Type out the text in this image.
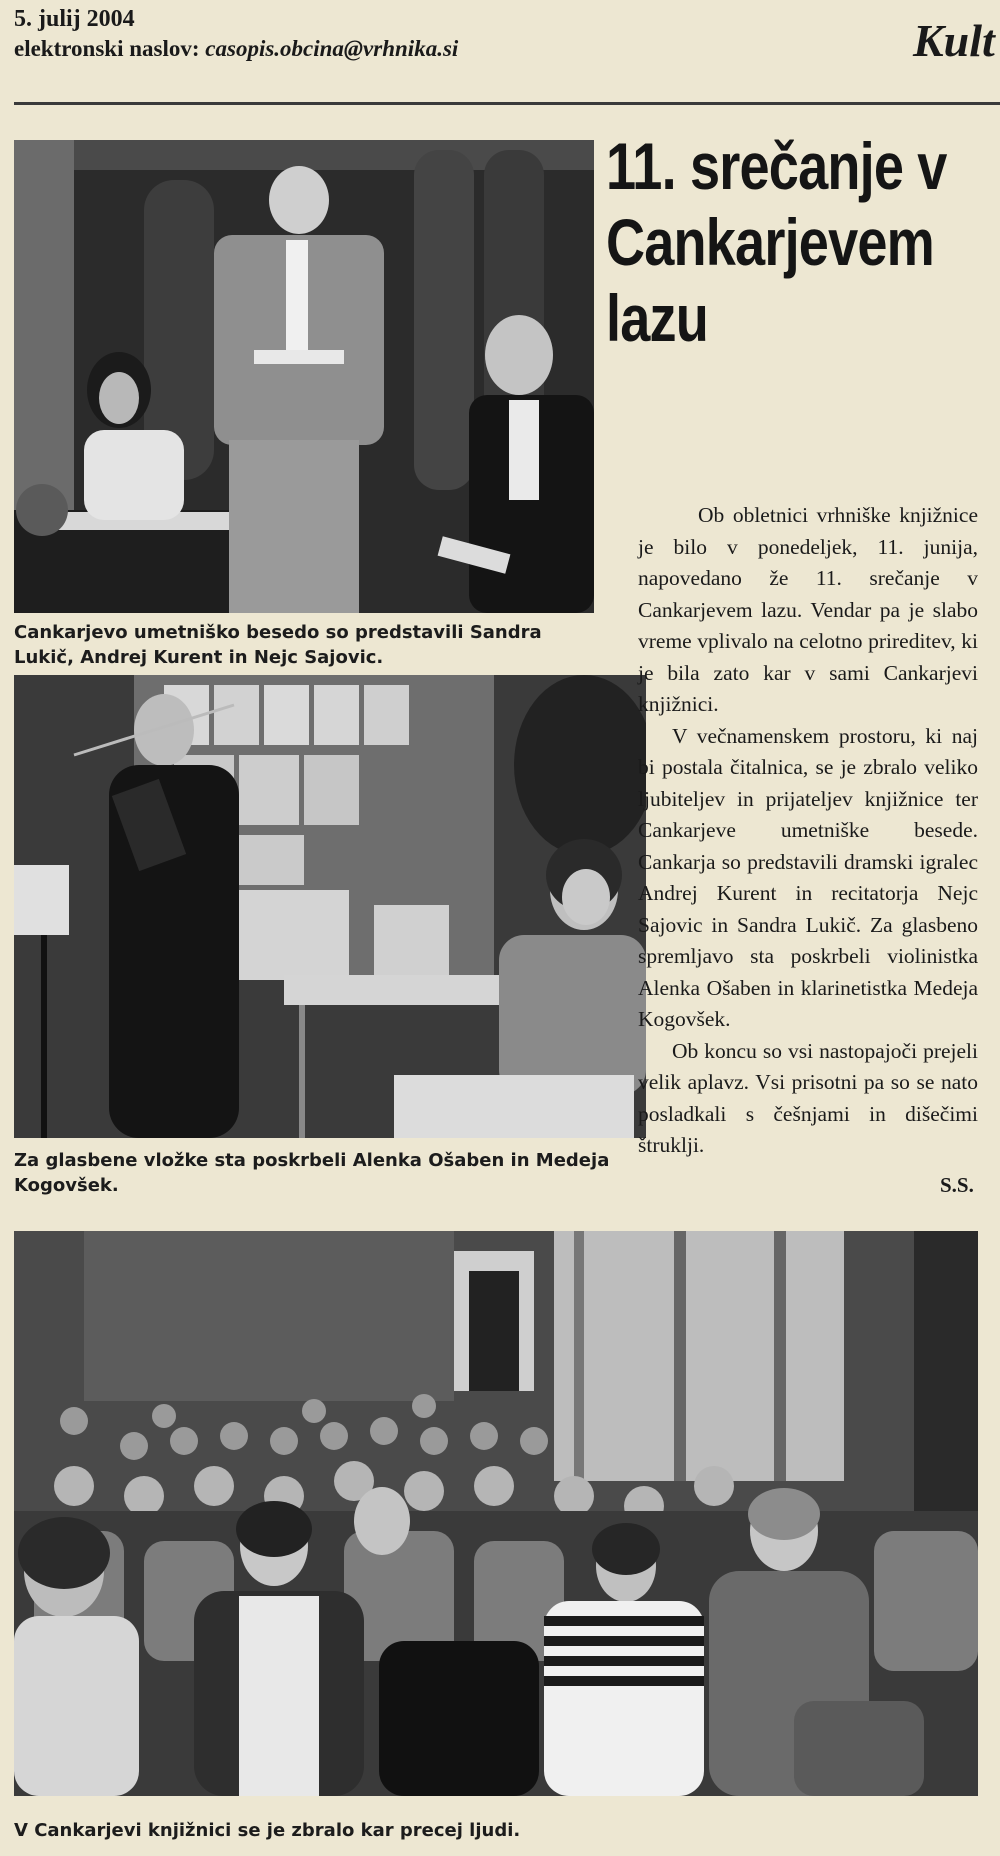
5. julij 2004
elektronski naslov: casopis.obcina@vrhnika.si	Kult
Cankarjevo umetniško besedo so predstavili Sandra Lukič, Andrej Kurent in Nejc Sajovic.
Za glasbene vložke sta poskrbeli Alenka Ošaben in Medeja Kogovšek.
11. srečanje v Cankarjevem lazu

Ob obletnici vrhniške knjižnice je bilo v ponedeljek, 11. junija, napovedano že 11. srečanje v Cankarjevem lazu. Vendar pa je slabo vreme vplivalo na celotno prireditev, ki je bila zato kar v sami Cankarjevi knjižnici.

V večnamenskem prostoru, ki naj bi postala čitalnica, se je zbralo veliko ljubiteljev in prijateljev knjižnice ter Cankarjeve umetniške besede. Cankarja so predstavili dramski igralec Andrej Kurent in recitatorja Nejc Sajovic in Sandra Lukič. Za glasbeno spremljavo sta poskrbeli violinistka Alenka Ošaben in klarinetistka Medeja Kogovšek.

Ob koncu so vsi nastopajoči prejeli velik aplavz. Vsi prisotni pa so se nato posladkali s češnjami in dišečimi štruklji.

S.S.
V Cankarjevi knjižnici se je zbralo kar precej ljudi.
